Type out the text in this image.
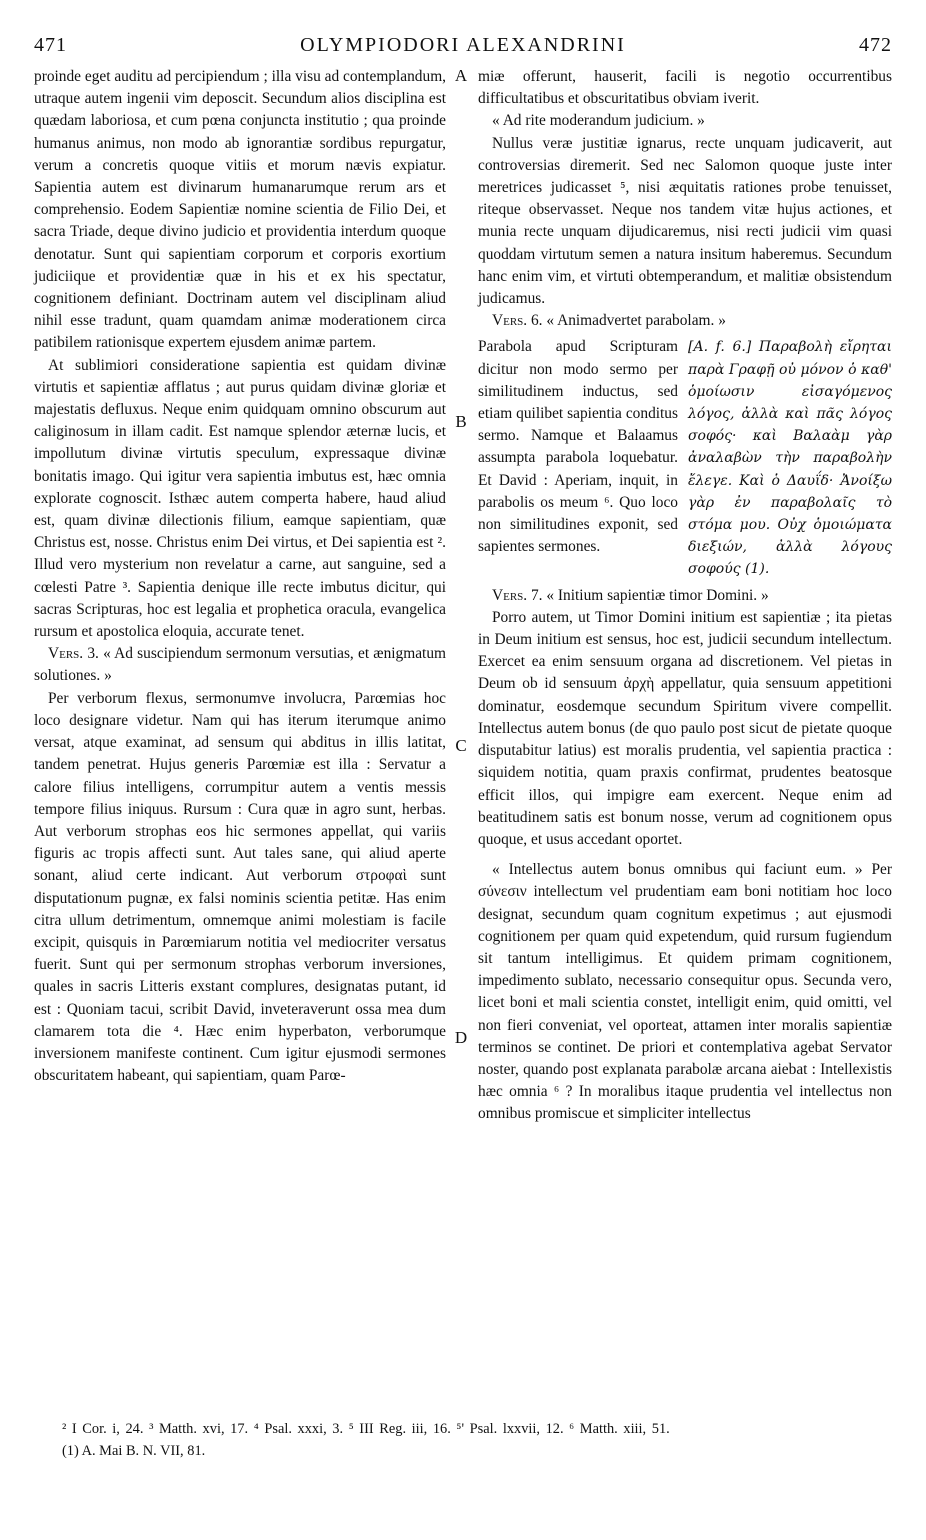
471	OLYMPIODORI ALEXANDRINI	472

proinde eget auditu ad percipiendum ; illa visu ad contemplandum, utraque autem ingenii vim deposcit. Secundum alios disciplina est quædam laboriosa, et cum pœna conjuncta institutio ; qua proinde humanus animus, non modo ab ignorantiæ sordibus repurgatur, verum a concretis quoque vitiis et morum nævis expiatur. Sapientia autem est divinarum humanarumque rerum ars et comprehensio. Eodem Sapientiæ nomine scientia de Filio Dei, et sacra Triade, deque divino judicio et providentia interdum quoque denotatur. Sunt qui sapientiam corporum et corporis exortium judiciique et providentiæ quæ in his et ex his spectatur, cognitionem definiant. Doctrinam autem vel disciplinam aliud nihil esse tradunt, quam quamdam animæ moderationem circa patibilem rationisque expertem ejusdem animæ partem.

At sublimiori consideratione sapientia est quidam divinæ virtutis et sapientiæ afflatus ; aut purus quidam divinæ gloriæ et majestatis defluxus. Neque enim quidquam omnino obscurum aut caliginosum in illam cadit. Est namque splendor æternæ lucis, et impollutum divinæ virtutis speculum, expressaque divinæ bonitatis imago. Qui igitur vera sapientia imbutus est, hæc omnia explorate cognoscit. Isthæc autem comperta habere, haud aliud est, quam divinæ dilectionis filium, eamque sapientiam, quæ Christus est, nosse. Christus enim Dei virtus, et Dei sapientia est ². Illud vero mysterium non revelatur a carne, aut sanguine, sed a cœlesti Patre ³. Sapientia denique ille recte imbutus dicitur, qui sacras Scripturas, hoc est legalia et prophetica oracula, evangelica rursum et apostolica eloquia, accurate tenet.

Vers. 3. « Ad suscipiendum sermonum versutias, et ænigmatum solutiones. »

Per verborum flexus, sermonumve involucra, Parœmias hoc loco designare videtur. Nam qui has iterum iterumque animo versat, atque examinat, ad sensum qui abditus in illis latitat, tandem penetrat. Hujus generis Parœmiæ est illa : Servatur a calore filius intelligens, corrumpitur autem a ventis messis tempore filius iniquus. Rursum : Cura quæ in agro sunt, herbas. Aut verborum strophas eos hic sermones appellat, qui variis figuris ac tropis affecti sunt. Aut tales sane, qui aliud aperte sonant, aliud certe indicant. Aut verborum στροφαὶ sunt disputationum pugnæ, ex falsi nominis scientia petitæ. Has enim citra ullum detrimentum, omnemque animi molestiam is facile excipit, quisquis in Parœmiarum notitia vel mediocriter versatus fuerit. Sunt qui per sermonum strophas verborum inversiones, quales in sacris Litteris exstant complures, designatas putant, id est : Quoniam tacui, scribit David, inveteraverunt ossa mea dum clamarem tota die ⁴. Hæc enim hyperbaton, verborumque inversionem manifeste continent. Cum igitur ejusmodi sermones obscuritatem habeant, qui sapientiam, quam Parœ-

A
B
C
D

miæ offerunt, hauserit, facili is negotio occurrentibus difficultatibus et obscuritatibus obviam iverit.

« Ad rite moderandum judicium. »

Nullus veræ justitiæ ignarus, recte unquam judicaverit, aut controversias diremerit. Sed nec Salomon quoque juste inter meretrices judicasset ⁵, nisi æquitatis rationes probe tenuisset, riteque observasset. Neque nos tandem vitæ hujus actiones, et munia recte unquam dijudicaremus, nisi recti judicii vim quasi quoddam virtutum semen a natura insitum haberemus. Secundum hanc enim vim, et virtuti obtemperandum, et malitiæ obsistendum judicamus.

Vers. 6. « Animadvertet parabolam. »

Parabola apud Scripturam dicitur non modo sermo per similitudinem inductus, sed etiam quilibet sapientia conditus sermo. Namque et Balaamus assumpta parabola loquebatur. Et David : Aperiam, inquit, in parabolis os meum ⁶. Quo loco non similitudines exponit, sed sapientes sermones.
[A. f. 6.] Παραβολὴ εἴρηται παρὰ Γραφῇ οὐ μόνον ὁ καθ' ὁμοίωσιν εἰσαγόμενος λόγος, ἀλλὰ καὶ πᾶς λόγος σοφός· καὶ Βαλαὰμ γὰρ ἀναλαβὼν τὴν παραβολὴν ἔλεγε. Καὶ ὁ Δαυΐδ· Ἀνοίξω γὰρ ἐν παραβολαῖς τὸ στόμα μου. Οὐχ ὁμοιώματα διεξιών, ἀλλὰ λόγους σοφούς (1).

Vers. 7. « Initium sapientiæ timor Domini. »

Porro autem, ut Timor Domini initium est sapientiæ ; ita pietas in Deum initium est sensus, hoc est, judicii secundum intellectum. Exercet ea enim sensuum organa ad discretionem. Vel pietas in Deum ob id sensuum ἀρχὴ appellatur, quia sensuum appetitioni dominatur, eosdemque secundum Spiritum vivere compellit. Intellectus autem bonus (de quo paulo post sicut de pietate quoque disputabitur latius) est moralis prudentia, vel sapientia practica : siquidem notitia, quam praxis confirmat, prudentes beatosque efficit illos, qui impigre eam exercent. Neque enim ad beatitudinem satis est bonum nosse, verum ad cognitionem opus quoque, et usus accedant oportet.

« Intellectus autem bonus omnibus qui faciunt eum. » Per σύνεσιν intellectum vel prudentiam eam boni notitiam hoc loco designat, secundum quam cognitum expetimus ; aut ejusmodi cognitionem per quam quid expetendum, quid rursum fugiendum sit tantum intelligimus. Et quidem primam cognitionem, impedimento sublato, necessario consequitur opus. Secunda vero, licet boni et mali scientia constet, intelligit enim, quid omitti, vel non fieri conveniat, vel oporteat, attamen inter moralis sapientiæ terminos se continet. De priori et contemplativa agebat Servator noster, quando post explanata parabolæ arcana aiebat : Intellexistis hæc omnia ⁶ ? In moralibus itaque prudentia vel intellectus non omnibus promiscue et simpliciter intellectus

² I Cor. i, 24. ³ Matth. xvi, 17. ⁴ Psal. xxxi, 3. ⁵ III Reg. iii, 16. ⁵' Psal. lxxvii, 12. ⁶ Matth. xiii, 51.
(1) A. Mai B. N. VII, 81.
